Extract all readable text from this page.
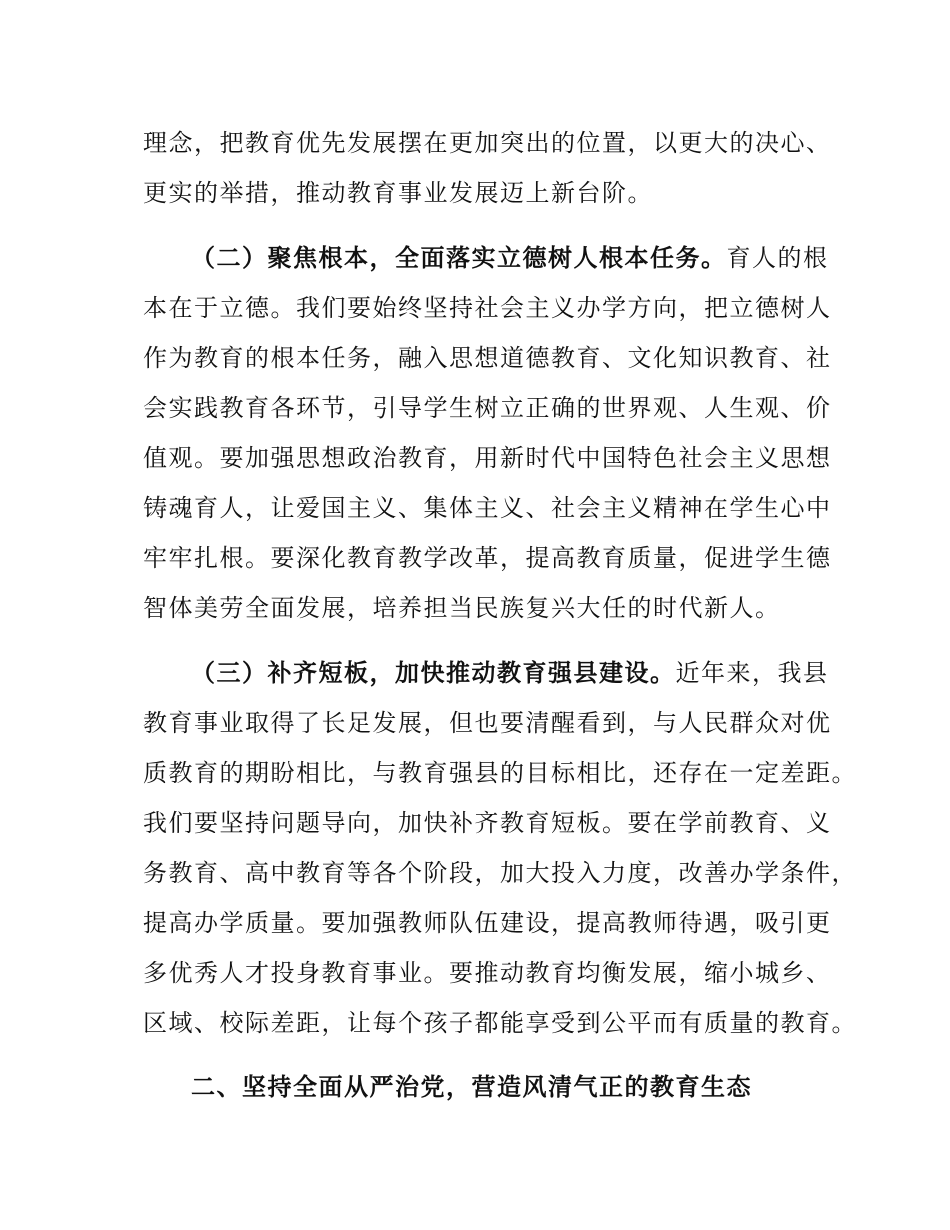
理念，把教育优先发展摆在更加突出的位置，以更大的决心、
更实的举措，推动教育事业发展迈上新台阶。
（二）聚焦根本，全面落实立德树人根本任务。育人的根
本在于立德。我们要始终坚持社会主义办学方向，把立德树人
作为教育的根本任务，融入思想道德教育、文化知识教育、社
会实践教育各环节，引导学生树立正确的世界观、人生观、价
值观。要加强思想政治教育，用新时代中国特色社会主义思想
铸魂育人，让爱国主义、集体主义、社会主义精神在学生心中
牢牢扎根。要深化教育教学改革，提高教育质量，促进学生德
智体美劳全面发展，培养担当民族复兴大任的时代新人。
（三）补齐短板，加快推动教育强县建设。近年来，我县
教育事业取得了长足发展，但也要清醒看到，与人民群众对优
质教育的期盼相比，与教育强县的目标相比，还存在一定差距。
我们要坚持问题导向，加快补齐教育短板。要在学前教育、义
务教育、高中教育等各个阶段，加大投入力度，改善办学条件，
提高办学质量。要加强教师队伍建设，提高教师待遇，吸引更
多优秀人才投身教育事业。要推动教育均衡发展，缩小城乡、
区域、校际差距，让每个孩子都能享受到公平而有质量的教育。
二、坚持全面从严治党，营造风清气正的教育生态
